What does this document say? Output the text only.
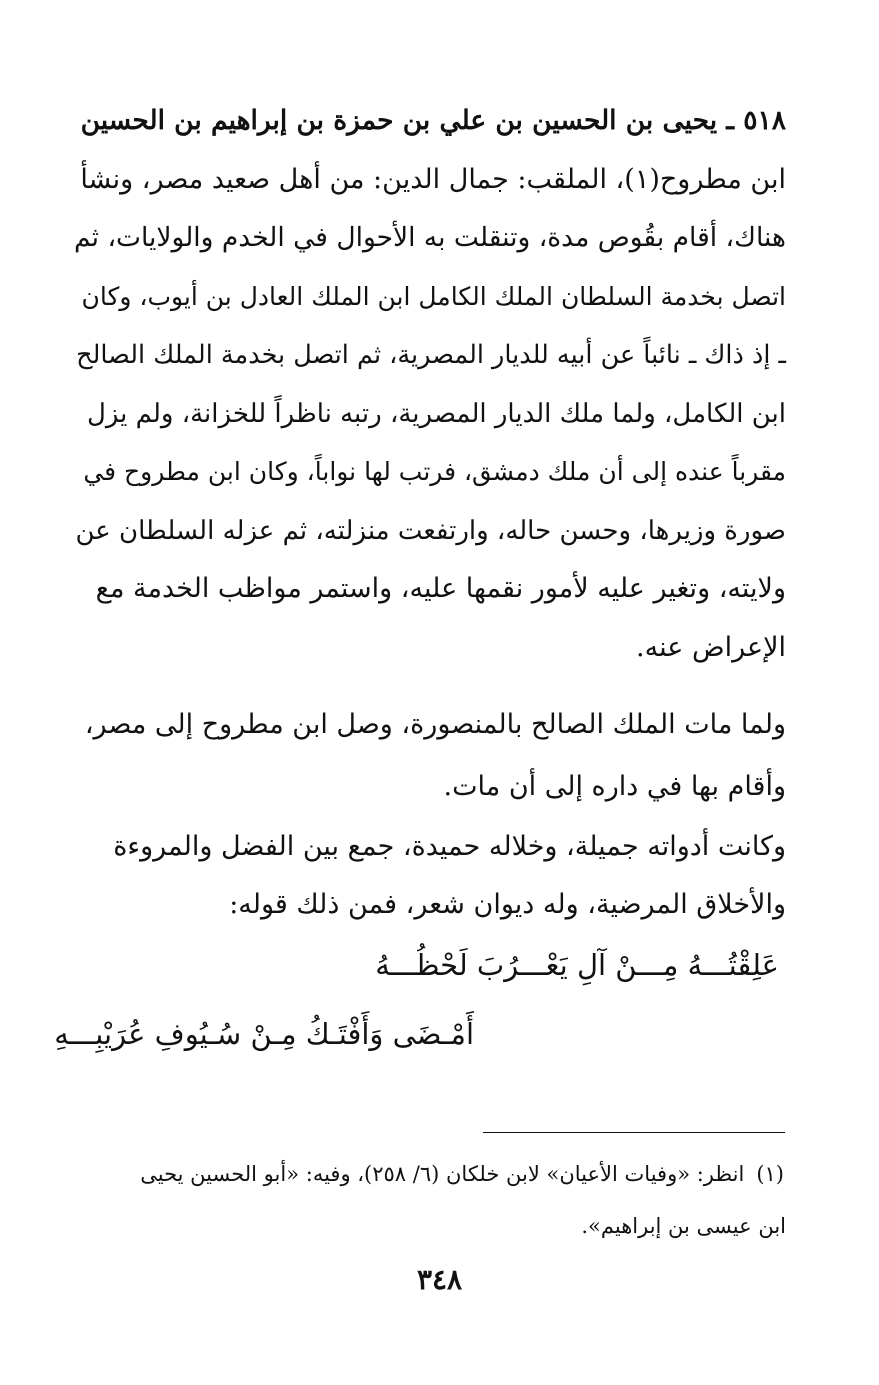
٥١٨ ـ يحيى بن الحسين بن علي بن حمزة بن إبراهيم بن الحسين
ابن مطروح(١)، الملقب: جمال الدين: من أهل صعيد مصر، ونشأ
هناك، أقام بقُوص مدة، وتنقلت به الأحوال في الخدم والولايات، ثم
اتصل بخدمة السلطان الملك الكامل ابن الملك العادل بن أيوب، وكان
ـ إذ ذاك ـ نائباً عن أبيه للديار المصرية، ثم اتصل بخدمة الملك الصالح
ابن الكامل، ولما ملك الديار المصرية، رتبه ناظراً للخزانة، ولم يزل
مقرباً عنده إلى أن ملك دمشق، فرتب لها نواباً، وكان ابن مطروح في
صورة وزيرها، وحسن حاله، وارتفعت منزلته، ثم عزله السلطان عن
ولايته، وتغير عليه لأمور نقمها عليه، واستمر مواظب الخدمة مع
الإعراض عنه.
ولما مات الملك الصالح بالمنصورة، وصل ابن مطروح إلى مصر،
وأقام بها في داره إلى أن مات.
وكانت أدواته جميلة، وخلاله حميدة، جمع بين الفضل والمروءة
والأخلاق المرضية، وله ديوان شعر، فمن ذلك قوله:
عَلِقْتُـــهُ مِـــنْ آلِ يَعْـــرُبَ لَحْظُـــهُ
أَمْـضَى وَأَفْتَـكُ مِـنْ سُـيُوفِ عُرَيْبِـــهِ
(١)انظر: «وفيات الأعيان» لابن خلكان (٦/ ٢٥٨)، وفيه: «أبو الحسين يحيى
ابن عيسى بن إبراهيم».
٣٤٨
